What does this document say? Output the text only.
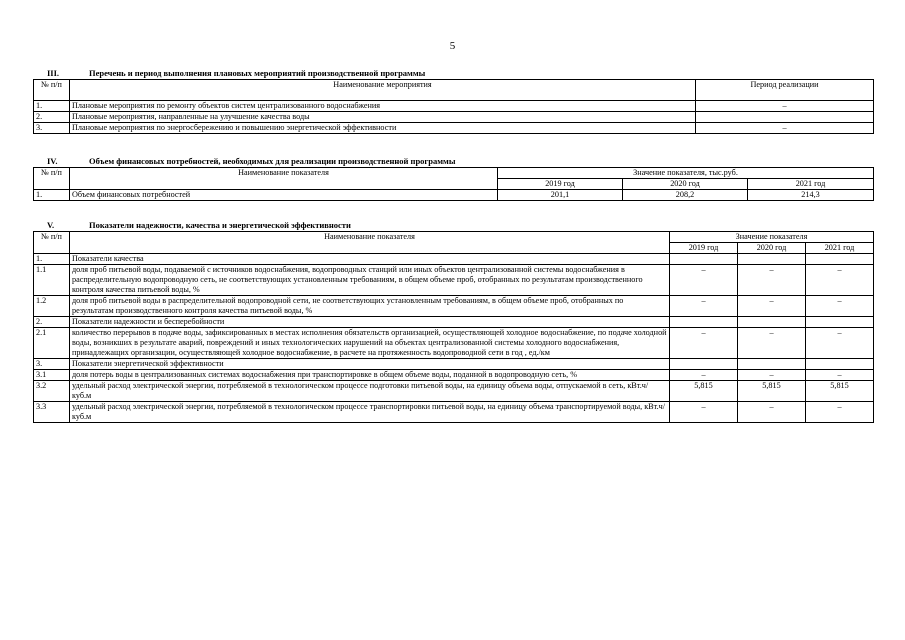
5
III.	Перечень и период выполнения плановых мероприятий производственной программы
№ п/п	Наименование мероприятия	Период реализации
1.	Плановые мероприятия по ремонту объектов систем централизованного водоснабжения	–
2.	Плановые мероприятия, направленные на улучшение качества воды	
3.	Плановые мероприятия по энергосбережению и повышению энергетической эффективности	–
IV.	Объем финансовых потребностей, необходимых для реализации производственной программы
№ п/п	Наименование показателя	Значение показателя, тыс.руб.		
		2019 год	2020 год	2021 год
1.	Объем финансовых потребностей	201,1	208,2	214,3
V.	Показатели надежности, качества и энергетической эффективности
№ п/п	Наименование показателя	Значение показателя		
		2019 год	2020 год	2021 год
1.	Показатели качества			
1.1	доля проб питьевой воды, подаваемой с источников водоснабжения, водопроводных станций или иных объектов централизованной системы водоснабжения в распределительную водопроводную сеть, не соответствующих установленным требованиям, в общем объеме проб, отобранных по результатам производственного контроля качества питьевой воды, %	–	–	–
1.2	доля проб питьевой воды в распределительной водопроводной сети, не соответствующих установленным требованиям, в общем объеме проб, отобранных по результатам производственного контроля качества питьевой воды, %	–	–	–
2.	Показатели надежности и бесперебойности			
2.1	количество перерывов в подаче воды, зафиксированных в местах исполнения обязательств организацией, осуществляющей холодное водоснабжение, по подаче холодной воды, возникших в результате аварий, повреждений и иных технологических нарушений на объектах централизованной системы холодного водоснабжения, принадлежащих организации, осуществляющей холодное водоснабжение, в расчете на протяженность водопроводной сети в год , ед./км	–	–	–
3.	Показатели энергетической эффективности			
3.1	доля потерь воды в централизованных системах водоснабжения при транспортировке в общем объеме воды, поданной в водопроводную сеть, %	–	–	–
3.2	удельный расход электрической энергии, потребляемой в технологическом процессе подготовки питьевой воды, на единицу объема воды, отпускаемой в сеть, кВт.ч/куб.м	5,815	5,815	5,815
3.3	удельный расход электрической энергии, потребляемой в технологическом процессе транспортировки питьевой воды, на единицу объема транспортируемой воды, кВт.ч/куб.м	–	–	–
